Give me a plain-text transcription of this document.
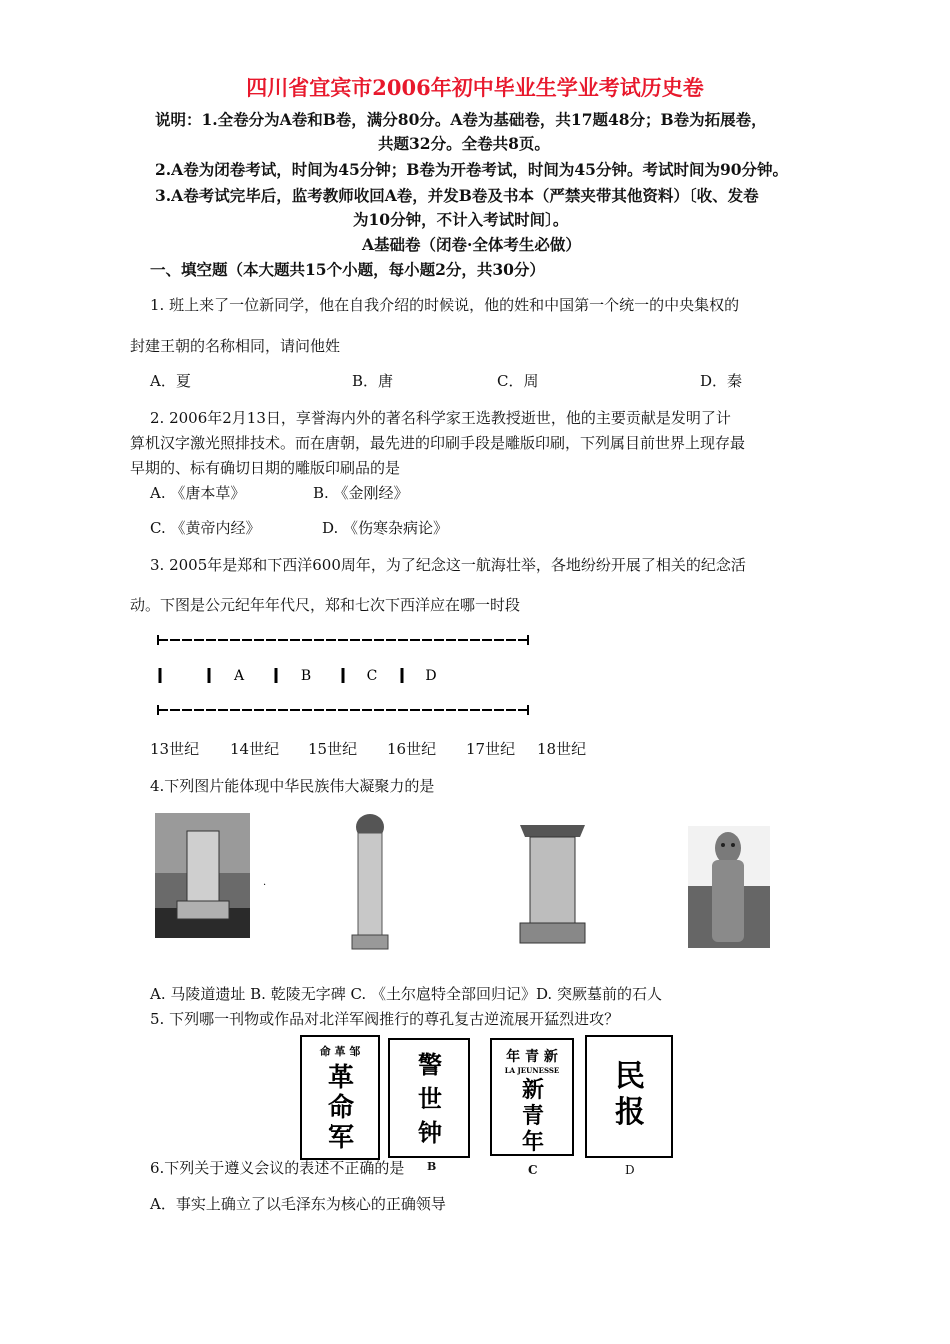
四川省宜宾市2006年初中毕业生学业考试历史卷
说明：1.全卷分为A卷和B卷，满分80分。A卷为基础卷，共17题48分；B卷为拓展卷，
共题32分。全卷共8页。
2.A卷为闭卷考试，时间为45分钟；B卷为开卷考试，时间为45分钟。考试时间为90分钟。
3.A卷考试完毕后，监考教师收回A卷，并发B卷及书本（严禁夹带其他资料）〔收、发卷
为10分钟，不计入考试时间〕。
A基础卷（闭卷·全体考生必做）
一、填空题（本大题共15个小题，每小题2分，共30分）
1. 班上来了一位新同学，他在自我介绍的时候说，他的姓和中国第一个统一的中央集权的
封建王朝的名称相同，请问他姓
A．夏	B．唐	C．周	D．秦
2. 2006年2月13日，享誉海内外的著名科学家王选教授逝世，他的主要贡献是发明了计
算机汉字激光照排技术。而在唐朝，最先进的印刷手段是雕版印刷，下列属目前世界上现存最
早期的、标有确切日期的雕版印刷品的是
A. 《唐本草》	B. 《金刚经》
C. 《黄帝内经》	D. 《伤寒杂病论》
3. 2005年是郑和下西洋600周年，为了纪念这一航海壮举，各地纷纷开展了相关的纪念活
动。下图是公元纪年年代尺，郑和七次下西洋应在哪一时段
A	B	C	D
13世纪 14世纪 15世纪 16世纪 17世纪 18世纪
4.下列图片能体现中华民族伟大凝聚力的是
·
A. 马陵道遗址 B. 乾陵无字碑 C. 《土尔扈特全部回归记》D. 突厥墓前的石人
5. 下列哪一刊物或作品对北洋军阀推行的尊孔复古逆流展开猛烈进攻？
命 革 邹
革命军
警世钟
年 青 新
LA JEUNESSE
新青年
民报
6.下列关于遵义会议的表述不正确的是 B	C	D
A．事实上确立了以毛泽东为核心的正确领导
